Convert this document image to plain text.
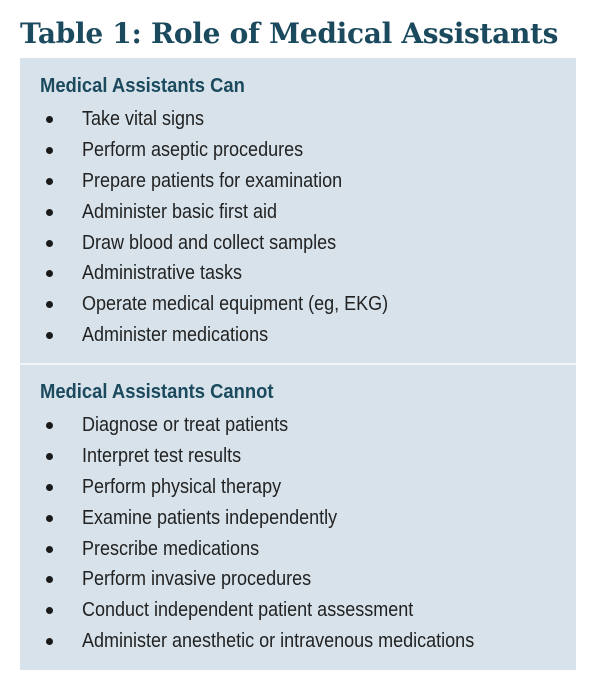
Table 1: Role of Medical Assistants
Medical Assistants Can
Take vital signs
Perform aseptic procedures
Prepare patients for examination
Administer basic first aid
Draw blood and collect samples
Administrative tasks
Operate medical equipment (eg, EKG)
Administer medications
Medical Assistants Cannot
Diagnose or treat patients
Interpret test results
Perform physical therapy
Examine patients independently
Prescribe medications
Perform invasive procedures
Conduct independent patient assessment
Administer anesthetic or intravenous medications
